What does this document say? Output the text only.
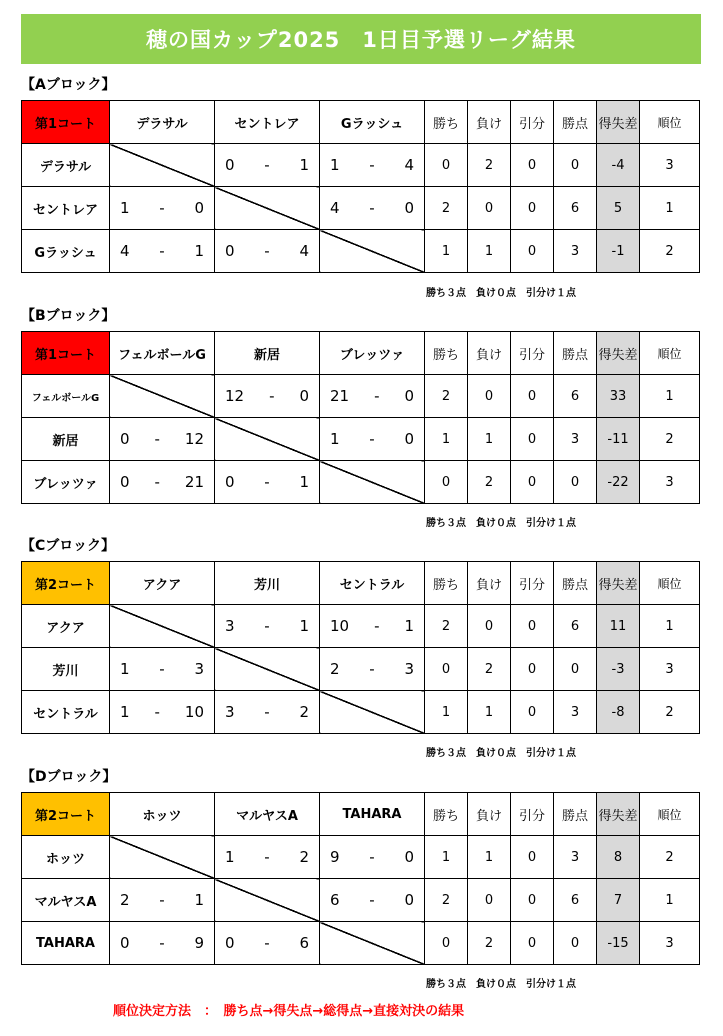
穂の国カップ2025　1日目予選リーグ結果
【Aブロック】
第1コート	デラサル	セントレア	Gラッシュ	勝ち	負け	引分	勝点	得失差	順位
デラサル		0 - 1	1 - 4	0	2	0	0	-4	3
セントレア	1 - 0		4 - 0	2	0	0	6	5	1
Gラッシュ	4 - 1	0 - 4		1	1	0	3	-1	2
勝ち３点　負け０点　引分け１点
【Bブロック】
第1コート	フェルボールG	新居	ブレッツァ	勝ち	負け	引分	勝点	得失差	順位
フェルボールG		12 - 0	21 - 0	2	0	0	6	33	1
新居	0 - 12		1 - 0	1	1	0	3	-11	2
ブレッツァ	0 - 21	0 - 1		0	2	0	0	-22	3
勝ち３点　負け０点　引分け１点
【Cブロック】
第2コート	アクア	芳川	セントラル	勝ち	負け	引分	勝点	得失差	順位
アクア		3 - 1	10 - 1	2	0	0	6	11	1
芳川	1 - 3		2 - 3	0	2	0	0	-3	3
セントラル	1 - 10	3 - 2		1	1	0	3	-8	2
勝ち３点　負け０点　引分け１点
【Dブロック】
第2コート	ホッツ	マルヤスA	TAHARA	勝ち	負け	引分	勝点	得失差	順位
ホッツ		1 - 2	9 - 0	1	1	0	3	8	2
マルヤスA	2 - 1		6 - 0	2	0	0	6	7	1
TAHARA	0 - 9	0 - 6		0	2	0	0	-15	3
勝ち３点　負け０点　引分け１点
順位決定方法　：　勝ち点→得失点→総得点→直接対決の結果
